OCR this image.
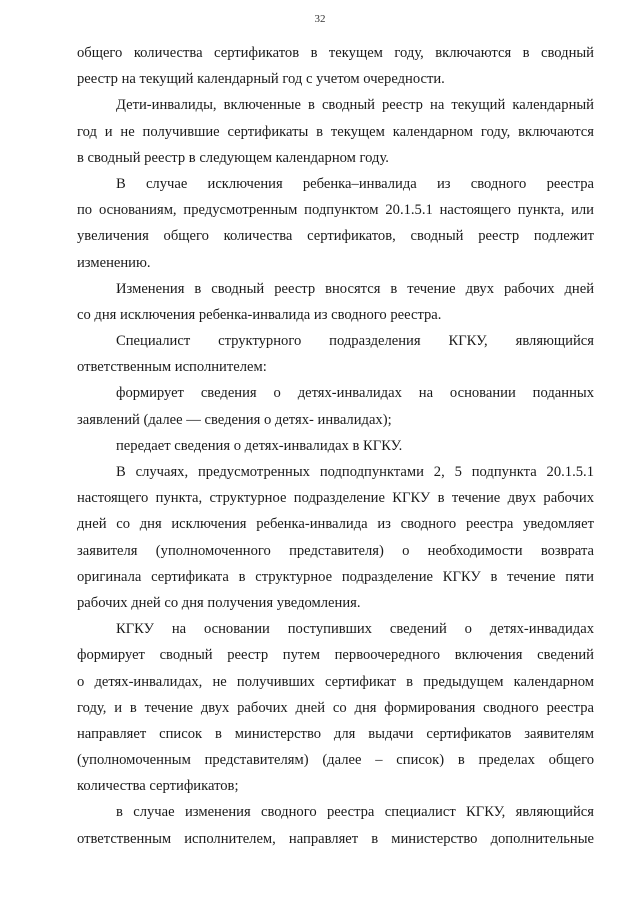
32
общего количества сертификатов в текущем году, включаются в сводный
реестр на текущий календарный год с учетом очередности.
Дети-инвалиды, включенные в сводный реестр на текущий календарный
год и не получившие сертификаты в текущем календарном году, включаются
в сводный реестр в следующем календарном году.
В случае исключения ребенка–инвалида из сводного реестра
по основаниям, предусмотренным подпунктом 20.1.5.1 настоящего пункта, или
увеличения общего количества сертификатов, сводный реестр подлежит
изменению.
Изменения в сводный реестр вносятся в течение двух рабочих дней
со дня исключения ребенка-инвалида из сводного реестра.
Специалист структурного подразделения КГКУ, являющийся
ответственным исполнителем:
формирует сведения о детях-инвалидах на основании поданных
заявлений (далее — сведения о детях- инвалидах);
передает сведения о детях-инвалидах в КГКУ.
В случаях, предусмотренных подподпунктами 2, 5 подпункта 20.1.5.1
настоящего пункта, структурное подразделение КГКУ в течение двух рабочих
дней со дня исключения ребенка-инвалида из сводного реестра уведомляет
заявителя (уполномоченного представителя) о необходимости возврата
оригинала сертификата в структурное подразделение КГКУ в течение пяти
рабочих дней со дня получения уведомления.
КГКУ на основании поступивших сведений о детях-инвадидах
формирует сводный реестр путем первоочередного включения сведений
о детях-инвалидах, не получивших сертификат в предыдущем календарном
году, и в течение двух рабочих дней со дня формирования сводного реестра
направляет список в министерство для выдачи сертификатов заявителям
(уполномоченным представителям) (далее – список) в пределах общего
количества сертификатов;
в случае изменения сводного реестра специалист КГКУ, являющийся
ответственным исполнителем, направляет в министерство дополнительные
